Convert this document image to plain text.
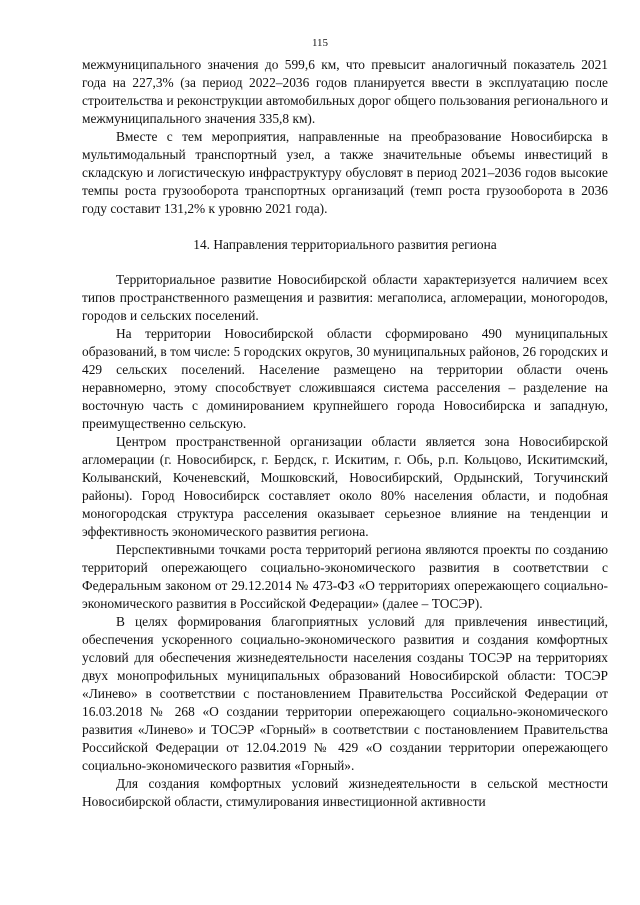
115

межмуниципального значения до 599,6 км, что превысит аналогичный показатель 2021 года на 227,3% (за период 2022–2036 годов планируется ввести в эксплуатацию после строительства и реконструкции автомобильных дорог общего пользования регионального и межмуниципального значения 335,8 км).

Вместе с тем мероприятия, направленные на преобразование Новосибирска в мультимодальный транспортный узел, а также значительные объемы инвестиций в складскую и логистическую инфраструктуру обусловят в период 2021–2036 годов высокие темпы роста грузооборота транспортных организаций (темп роста грузооборота в 2036 году составит 131,2% к уровню 2021 года).

14. Направления территориального развития региона

Территориальное развитие Новосибирской области характеризуется наличием всех типов пространственного размещения и развития: мегаполиса, агломерации, моногородов, городов и сельских поселений.

На территории Новосибирской области сформировано 490 муниципальных образований, в том числе: 5 городских округов, 30 муниципальных районов, 26 городских и 429 сельских поселений. Население размещено на территории области очень неравномерно, этому способствует сложившаяся система расселения – разделение на восточную часть с доминированием крупнейшего города Новосибирска и западную, преимущественно сельскую.

Центром пространственной организации области является зона Новосибирской агломерации (г. Новосибирск, г. Бердск, г. Искитим, г. Обь, р.п. Кольцово, Искитимский, Колыванский, Коченевский, Мошковский, Новосибирский, Ордынский, Тогучинский районы). Город Новосибирск составляет около 80% населения области, и подобная моногородская структура расселения оказывает серьезное влияние на тенденции и эффективность экономического развития региона.

Перспективными точками роста территорий региона являются проекты по созданию территорий опережающего социально-экономического развития в соответствии с Федеральным законом от 29.12.2014 № 473-ФЗ «О территориях опережающего социально-экономического развития в Российской Федерации» (далее – ТОСЭР).

В целях формирования благоприятных условий для привлечения инвестиций, обеспечения ускоренного социально-экономического развития и создания комфортных условий для обеспечения жизнедеятельности населения созданы ТОСЭР на территориях двух монопрофильных муниципальных образований Новосибирской области: ТОСЭР «Линево» в соответствии с постановлением Правительства Российской Федерации от 16.03.2018 № 268 «О создании территории опережающего социально-экономического развития «Линево» и ТОСЭР «Горный» в соответствии с постановлением Правительства Российской Федерации от 12.04.2019 № 429 «О создании территории опережающего социально-экономического развития «Горный».

Для создания комфортных условий жизнедеятельности в сельской местности Новосибирской области, стимулирования инвестиционной активности
